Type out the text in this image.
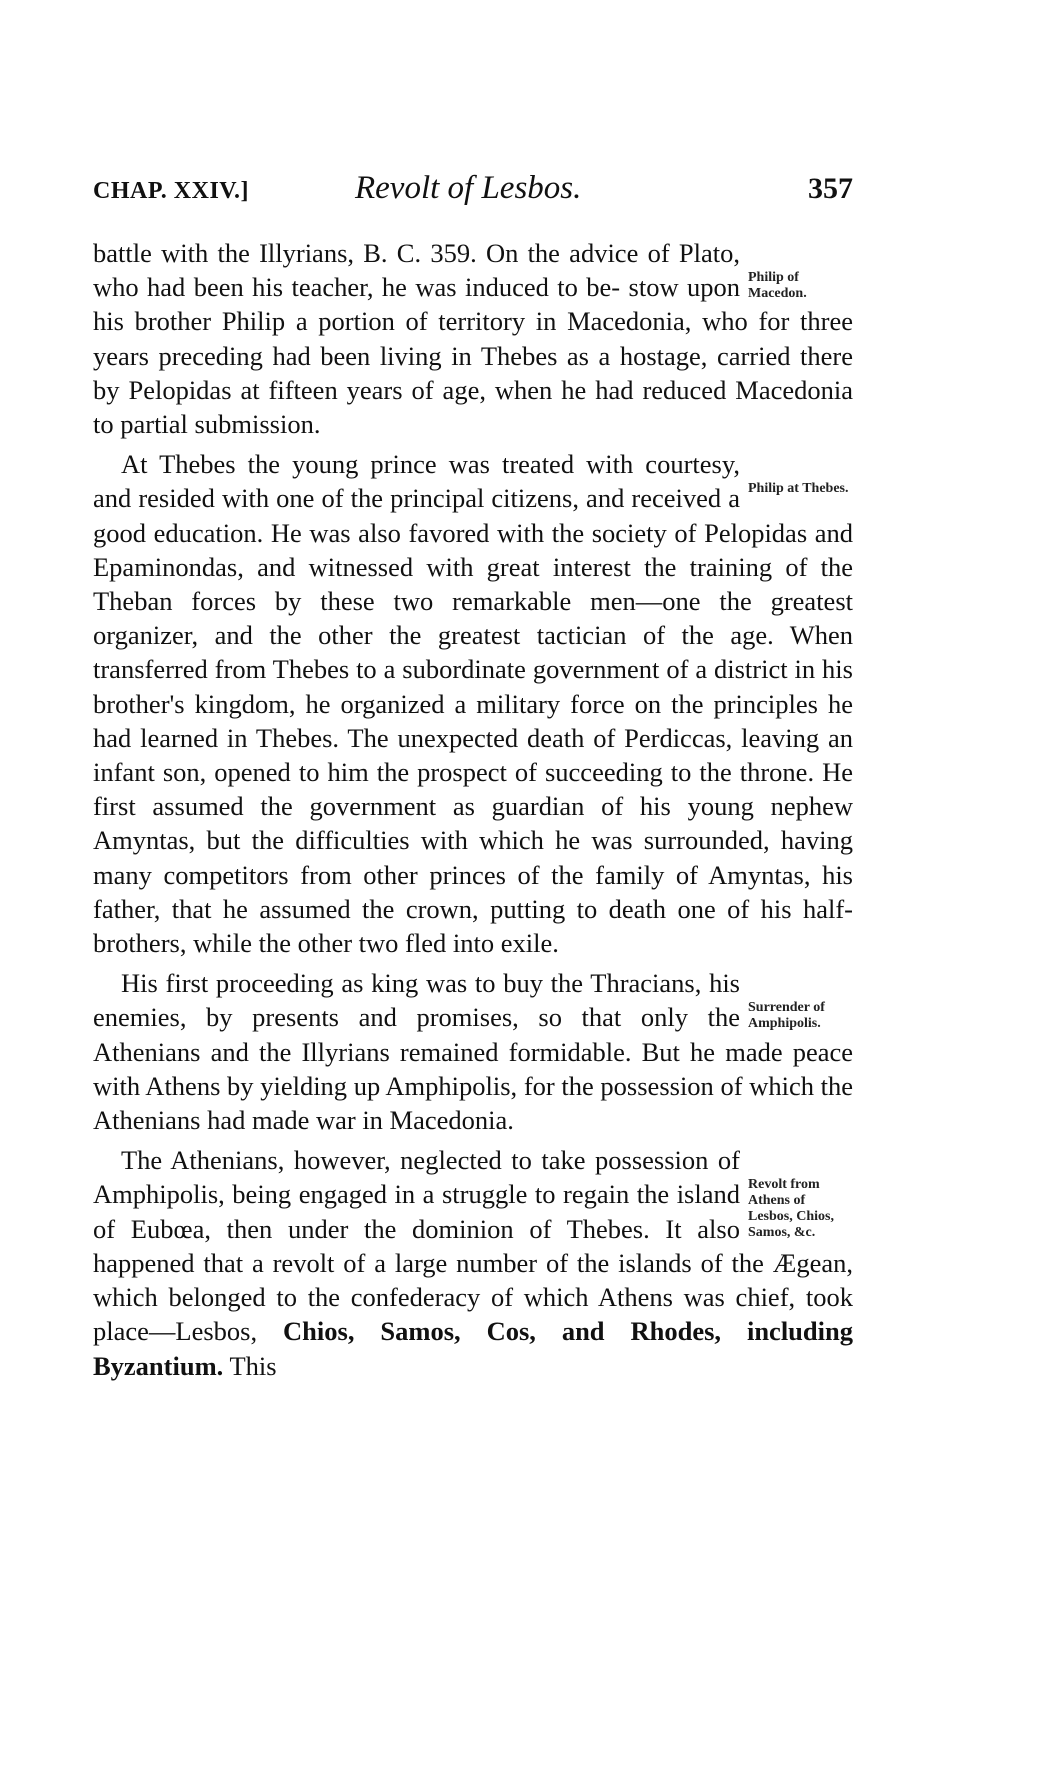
CHAP. XXIV.]	Revolt of Lesbos.	357

Philip of Macedon.
battle with the Illyrians, B. C. 359. On the advice of Plato, who had been his teacher, he was induced to be- stow upon his brother Philip a portion of territory in Macedonia, who for three years preceding had been living in Thebes as a hostage, carried there by Pelopidas at fifteen years of age, when he had reduced Macedonia to partial submission.

Philip at Thebes.
At Thebes the young prince was treated with courtesy, and resided with one of the principal citizens, and received a good education. He was also favored with the society of Pelopidas and Epaminondas, and witnessed with great interest the training of the Theban forces by these two remarkable men—one the greatest organizer, and the other the greatest tactician of the age. When transferred from Thebes to a subordinate government of a district in his brother's kingdom, he organized a military force on the principles he had learned in Thebes. The unexpected death of Perdiccas, leaving an infant son, opened to him the prospect of succeeding to the throne. He first assumed the government as guardian of his young nephew Amyntas, but the difficulties with which he was surrounded, having many competitors from other princes of the family of Amyntas, his father, that he assumed the crown, putting to death one of his half-brothers, while the other two fled into exile.

Surrender of Amphipolis.
His first proceeding as king was to buy the Thracians, his enemies, by presents and promises, so that only the Athenians and the Illyrians remained formidable. But he made peace with Athens by yielding up Amphipolis, for the possession of which the Athenians had made war in Macedonia.

Revolt from Athens of Lesbos, Chios, Samos, &c.
The Athenians, however, neglected to take possession of Amphipolis, being engaged in a struggle to regain the island of Eubœa, then under the dominion of Thebes. It also happened that a revolt of a large number of the islands of the Ægean, which belonged to the confederacy of which Athens was chief, took place—Lesbos, Chios, Samos, Cos, and Rhodes, including Byzantium. This
